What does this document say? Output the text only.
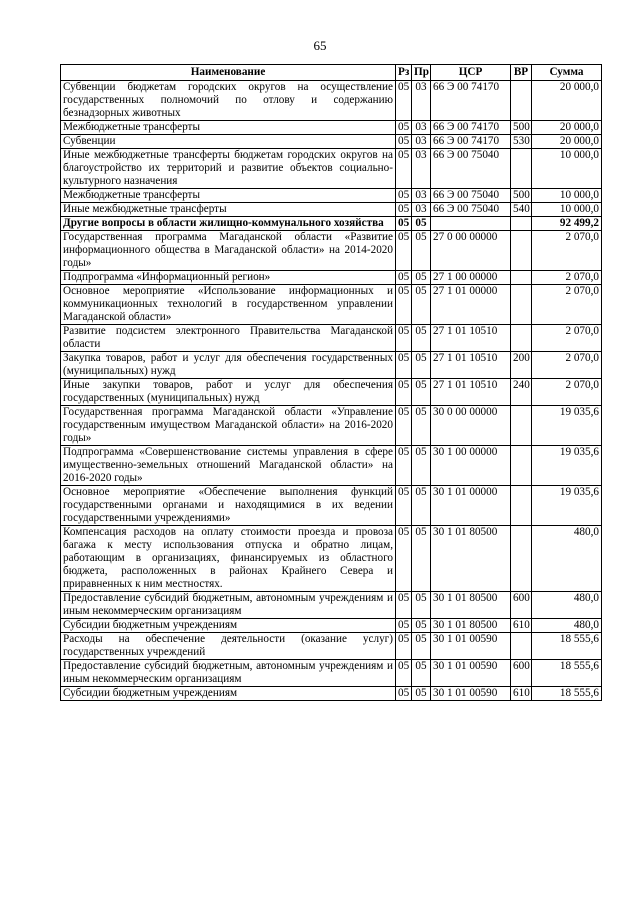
65
Наименование	Рз	Пр	ЦСР	ВР	Сумма
Субвенции бюджетам городских округов на осуществление государственных полномочий по отлову и содержанию безнадзорных животных	05	03	66 Э 00 74170		20 000,0
Межбюджетные трансферты	05	03	66 Э 00 74170	500	20 000,0
Субвенции	05	03	66 Э 00 74170	530	20 000,0
Иные межбюджетные трансферты бюджетам городских округов на благоустройство их территорий и развитие объектов социально-культурного назначения	05	03	66 Э 00 75040		10 000,0
Межбюджетные трансферты	05	03	66 Э 00 75040	500	10 000,0
Иные межбюджетные трансферты	05	03	66 Э 00 75040	540	10 000,0
Другие вопросы в области жилищно-коммунального хозяйства	05	05			92 499,2
Государственная программа Магаданской области «Развитие информационного общества в Магаданской области» на 2014-2020 годы»	05	05	27 0 00 00000		2 070,0
Подпрограмма «Информационный регион»	05	05	27 1 00 00000		2 070,0
Основное мероприятие «Использование информационных и коммуникационных технологий в государственном управлении Магаданской области»	05	05	27 1 01 00000		2 070,0
Развитие подсистем электронного Правительства Магаданской области	05	05	27 1 01 10510		2 070,0
Закупка товаров, работ и услуг для обеспечения государственных (муниципальных) нужд	05	05	27 1 01 10510	200	2 070,0
Иные закупки товаров, работ и услуг для обеспечения государственных (муниципальных) нужд	05	05	27 1 01 10510	240	2 070,0
Государственная программа Магаданской области «Управление государственным имуществом Магаданской области» на 2016-2020 годы»	05	05	30 0 00 00000		19 035,6
Подпрограмма «Совершенствование системы управления в сфере имущественно-земельных отношений Магаданской области» на 2016-2020 годы»	05	05	30 1 00 00000		19 035,6
Основное мероприятие «Обеспечение выполнения функций государственными органами и находящимися в их ведении государственными учреждениями»	05	05	30 1 01 00000		19 035,6
Компенсация расходов на оплату стоимости проезда и провоза багажа к месту использования отпуска и обратно лицам, работающим в организациях, финансируемых из областного бюджета, расположенных в районах Крайнего Севера и приравненных к ним местностях.	05	05	30 1 01 80500		480,0
Предоставление субсидий бюджетным, автономным учреждениям и иным некоммерческим организациям	05	05	30 1 01 80500	600	480,0
Субсидии бюджетным учреждениям	05	05	30 1 01 80500	610	480,0
Расходы на обеспечение деятельности (оказание услуг) государственных учреждений	05	05	30 1 01 00590		18 555,6
Предоставление субсидий бюджетным, автономным учреждениям и иным некоммерческим организациям	05	05	30 1 01 00590	600	18 555,6
Субсидии бюджетным учреждениям	05	05	30 1 01 00590	610	18 555,6
